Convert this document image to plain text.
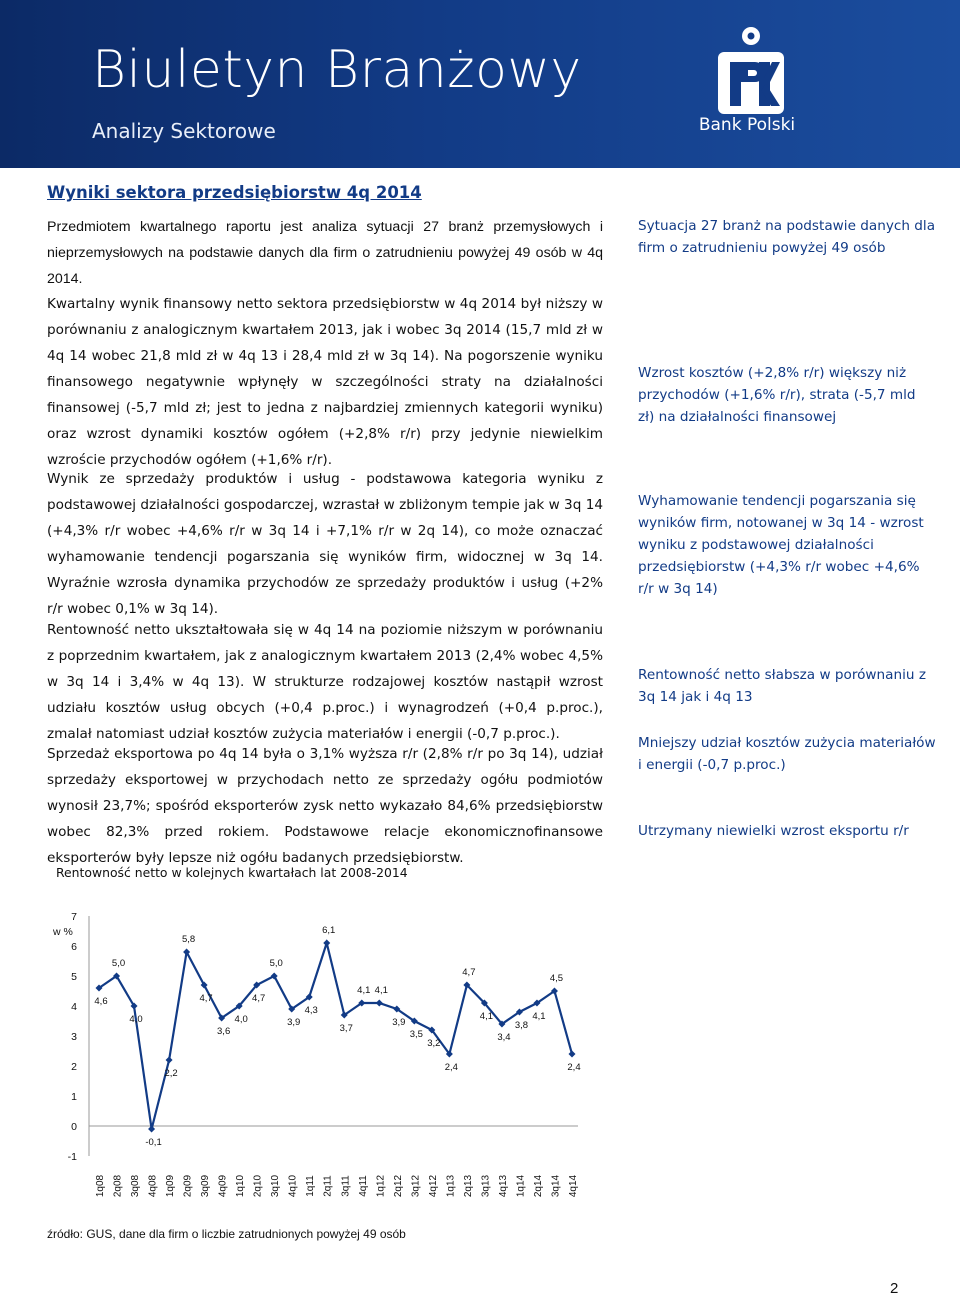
Biuletyn Branżowy
Analizy Sektorowe	Bank Polski
Wyniki sektora przedsiębiorstw 4q 2014
Przedmiotem kwartalnego raportu jest analiza sytuacji 27 branż przemysłowych i nieprzemysłowych na podstawie danych dla firm o zatrudnieniu powyżej 49 osób w 4q 2014.
Kwartalny wynik finansowy netto sektora przedsiębiorstw w 4q 2014 był niższy w porównaniu z analogicznym kwartałem 2013, jak i wobec 3q 2014 (15,7 mld zł w 4q 14 wobec 21,8 mld zł w 4q 13 i 28,4 mld zł w 3q 14). Na pogorszenie wyniku finansowego negatywnie wpłynęły w szczególności straty na działalności finansowej (-5,7 mld zł; jest to jedna z najbardziej zmiennych kategorii wyniku) oraz wzrost dynamiki kosztów ogółem (+2,8% r/r) przy jedynie niewielkim wzroście przychodów ogółem (+1,6% r/r).
Wynik ze sprzedaży produktów i usług - podstawowa kategoria wyniku z podstawowej działalności gospodarczej, wzrastał w zbliżonym tempie jak w 3q 14 (+4,3% r/r wobec +4,6% r/r w 3q 14 i +7,1% r/r w 2q 14), co może oznaczać wyhamowanie tendencji pogarszania się wyników firm, widocznej w 3q 14. Wyraźnie wzrosła dynamika przychodów ze sprzedaży produktów i usług (+2% r/r wobec 0,1% w 3q 14).
Rentowność netto ukształtowała się w 4q 14 na poziomie niższym w porównaniu z poprzednim kwartałem, jak z analogicznym kwartałem 2013 (2,4% wobec 4,5% w 3q 14 i 3,4% w 4q 13). W strukturze rodzajowej kosztów nastąpił wzrost udziału kosztów usług obcych (+0,4 p.proc.) i wynagrodzeń (+0,4 p.proc.), zmalał natomiast udział kosztów zużycia materiałów i energii (-0,7 p.proc.).
Sprzedaż eksportowa po 4q 14 była o 3,1% wyższa r/r (2,8% r/r po 3q 14), udział sprzedaży eksportowej w przychodach netto ze sprzedaży ogółu podmiotów wynosił 23,7%; spośród eksporterów zysk netto wykazało 84,6% przedsiębiorstw wobec 82,3% przed rokiem. Podstawowe relacje ekonomicznofinansowe eksporterów były lepsze niż ogółu badanych przedsiębiorstw.
Sytuacja 27 branż na podstawie danych dla firm o zatrudnieniu powyżej 49 osób
Wzrost kosztów (+2,8% r/r) większy niż przychodów (+1,6% r/r), strata (-5,7 mld zł) na działalności finansowej
Wyhamowanie tendencji pogarszania się wyników firm, notowanej w 3q 14 - wzrost wyniku z podstawowej działalności przedsiębiorstw (+4,3% r/r wobec +4,6% r/r w 3q 14)
Rentowność netto słabsza w porównaniu z 3q 14 jak i 4q 13
Mniejszy udział kosztów zużycia materiałów i energii (-0,7 p.proc.)
Utrzymany niewielki wzrost eksportu r/r
Rentowność netto w kolejnych kwartałach lat 2008-2014
-1
0
1
2
3
4
5
6
7
w %
4,6
5,0
4,0
-0,1
2,2
5,8
4,7
3,6
4,0
4,7
5,0
3,9
4,3
6,1
3,7
4,1 4,1
3,9
3,5
3,2
2,4
4,7
4,1
3,4
3,8
4,1
4,5
2,4
1q08 2q08 3q08 4q08 1q09 2q09 3q09 4q09 1q10 2q10 3q10 4q10 1q11 2q11 3q11 4q11 1q12 2q12 3q12 4q12 1q13 2q13 3q13 4q13 1q14 2q14 3q14 4q14
źródło: GUS, dane dla firm o liczbie zatrudnionych powyżej 49 osób
2
